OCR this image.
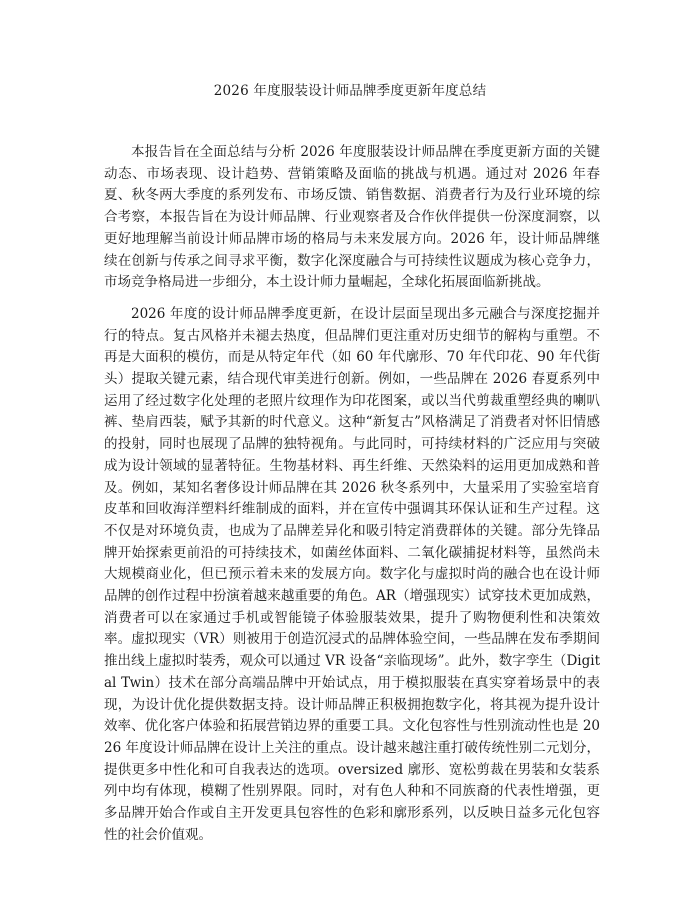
2026 年度服装设计师品牌季度更新年度总结

本报告旨在全面总结与分析 2026 年度服装设计师品牌在季度更新方面的关键动态、市场表现、设计趋势、营销策略及面临的挑战与机遇。通过对 2026 年春夏、秋冬两大季度的系列发布、市场反馈、销售数据、消费者行为及行业环境的综合考察，本报告旨在为设计师品牌、行业观察者及合作伙伴提供一份深度洞察，以更好地理解当前设计师品牌市场的格局与未来发展方向。2026 年，设计师品牌继续在创新与传承之间寻求平衡，数字化深度融合与可持续性议题成为核心竞争力，市场竞争格局进一步细分，本土设计师力量崛起，全球化拓展面临新挑战。

2026 年度的设计师品牌季度更新，在设计层面呈现出多元融合与深度挖掘并行的特点。复古风格并未褪去热度，但品牌们更注重对历史细节的解构与重塑。不再是大面积的模仿，而是从特定年代（如 60 年代廓形、70 年代印花、90 年代街头）提取关键元素，结合现代审美进行创新。例如，一些品牌在 2026 春夏系列中运用了经过数字化处理的老照片纹理作为印花图案，或以当代剪裁重塑经典的喇叭裤、垫肩西装，赋予其新的时代意义。这种“新复古”风格满足了消费者对怀旧情感的投射，同时也展现了品牌的独特视角。与此同时，可持续材料的广泛应用与突破成为设计领域的显著特征。生物基材料、再生纤维、天然染料的运用更加成熟和普及。例如，某知名奢侈设计师品牌在其 2026 秋冬系列中，大量采用了实验室培育皮革和回收海洋塑料纤维制成的面料，并在宣传中强调其环保认证和生产过程。这不仅是对环境负责，也成为了品牌差异化和吸引特定消费群体的关键。部分先锋品牌开始探索更前沿的可持续技术，如菌丝体面料、二氧化碳捕捉材料等，虽然尚未大规模商业化，但已预示着未来的发展方向。数字化与虚拟时尚的融合也在设计师品牌的创作过程中扮演着越来越重要的角色。AR（增强现实）试穿技术更加成熟，消费者可以在家通过手机或智能镜子体验服装效果，提升了购物便利性和决策效率。虚拟现实（VR）则被用于创造沉浸式的品牌体验空间，一些品牌在发布季期间推出线上虚拟时装秀，观众可以通过 VR 设备“亲临现场”。此外，数字孪生（Digital Twin）技术在部分高端品牌中开始试点，用于模拟服装在真实穿着场景中的表现，为设计优化提供数据支持。设计师品牌正积极拥抱数字化，将其视为提升设计效率、优化客户体验和拓展营销边界的重要工具。文化包容性与性别流动性也是 2026 年度设计师品牌在设计上关注的重点。设计越来越注重打破传统性别二元划分，提供更多中性化和可自我表达的选项。oversized 廓形、宽松剪裁在男装和女装系列中均有体现，模糊了性别界限。同时，对有色人种和不同族裔的代表性增强，更多品牌开始合作或自主开发更具包容性的色彩和廓形系列，以反映日益多元化包容性的社会价值观。
